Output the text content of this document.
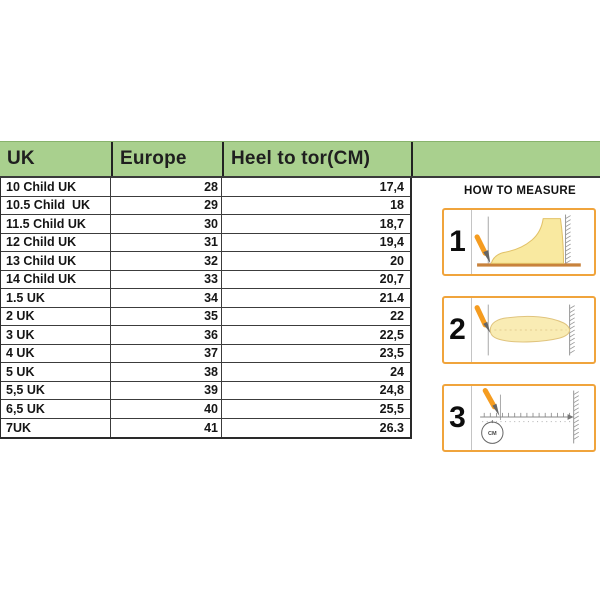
UK	Europe	Heel to tor(CM)
10 Child UK	28	17,4
10.5 Child  UK	29	18
11.5 Child UK	30	18,7
12 Child UK	31	19,4
13 Child UK	32	20
14 Child UK	33	20,7
1.5 UK	34	21.4
2 UK	35	22
3 UK	36	22,5
4 UK	37	23,5
5 UK	38	24
5,5 UK	39	24,8
6,5 UK	40	25,5
7UK	41	26.3
HOW TO MEASURE
1
2
3	CM
